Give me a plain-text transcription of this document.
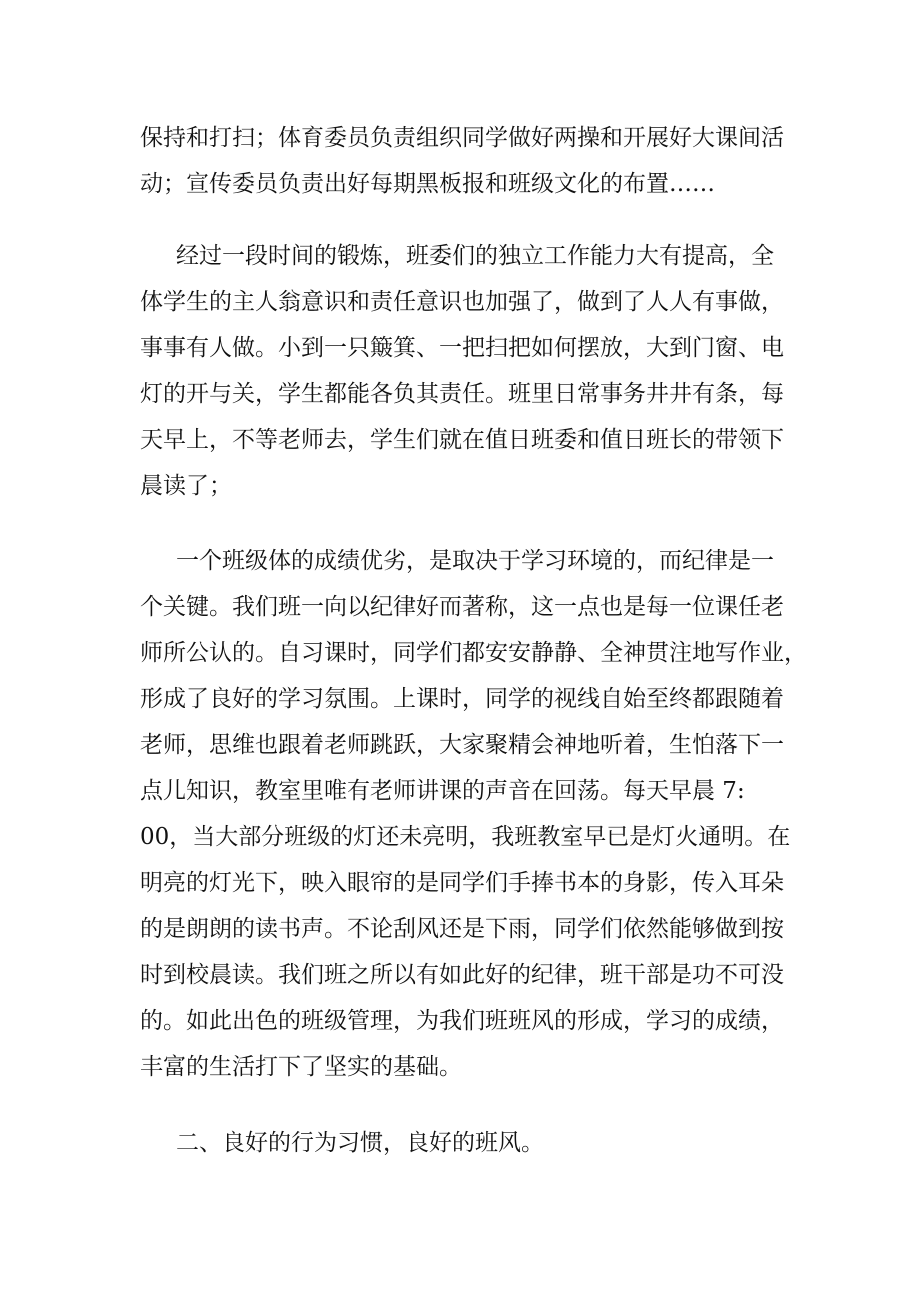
保持和打扫；体育委员负责组织同学做好两操和开展好大课间活

动；宣传委员负责出好每期黑板报和班级文化的布置……

经过一段时间的锻炼，班委们的独立工作能力大有提高，全

体学生的主人翁意识和责任意识也加强了，做到了人人有事做，

事事有人做。小到一只簸箕、一把扫把如何摆放，大到门窗、电

灯的开与关，学生都能各负其责任。班里日常事务井井有条，每

天早上，不等老师去，学生们就在值日班委和值日班长的带领下

晨读了；

一个班级体的成绩优劣，是取决于学习环境的，而纪律是一

个关键。我们班一向以纪律好而著称，这一点也是每一位课任老

师所公认的。自习课时，同学们都安安静静、全神贯注地写作业，

形成了良好的学习氛围。上课时，同学的视线自始至终都跟随着

老师，思维也跟着老师跳跃，大家聚精会神地听着，生怕落下一

点儿知识，教室里唯有老师讲课的声音在回荡。每天早晨 7:

00，当大部分班级的灯还未亮明，我班教室早已是灯火通明。在

明亮的灯光下，映入眼帘的是同学们手捧书本的身影，传入耳朵

的是朗朗的读书声。不论刮风还是下雨，同学们依然能够做到按

时到校晨读。我们班之所以有如此好的纪律，班干部是功不可没

的。如此出色的班级管理，为我们班班风的形成，学习的成绩，

丰富的生活打下了坚实的基础。

二、良好的行为习惯，良好的班风。
